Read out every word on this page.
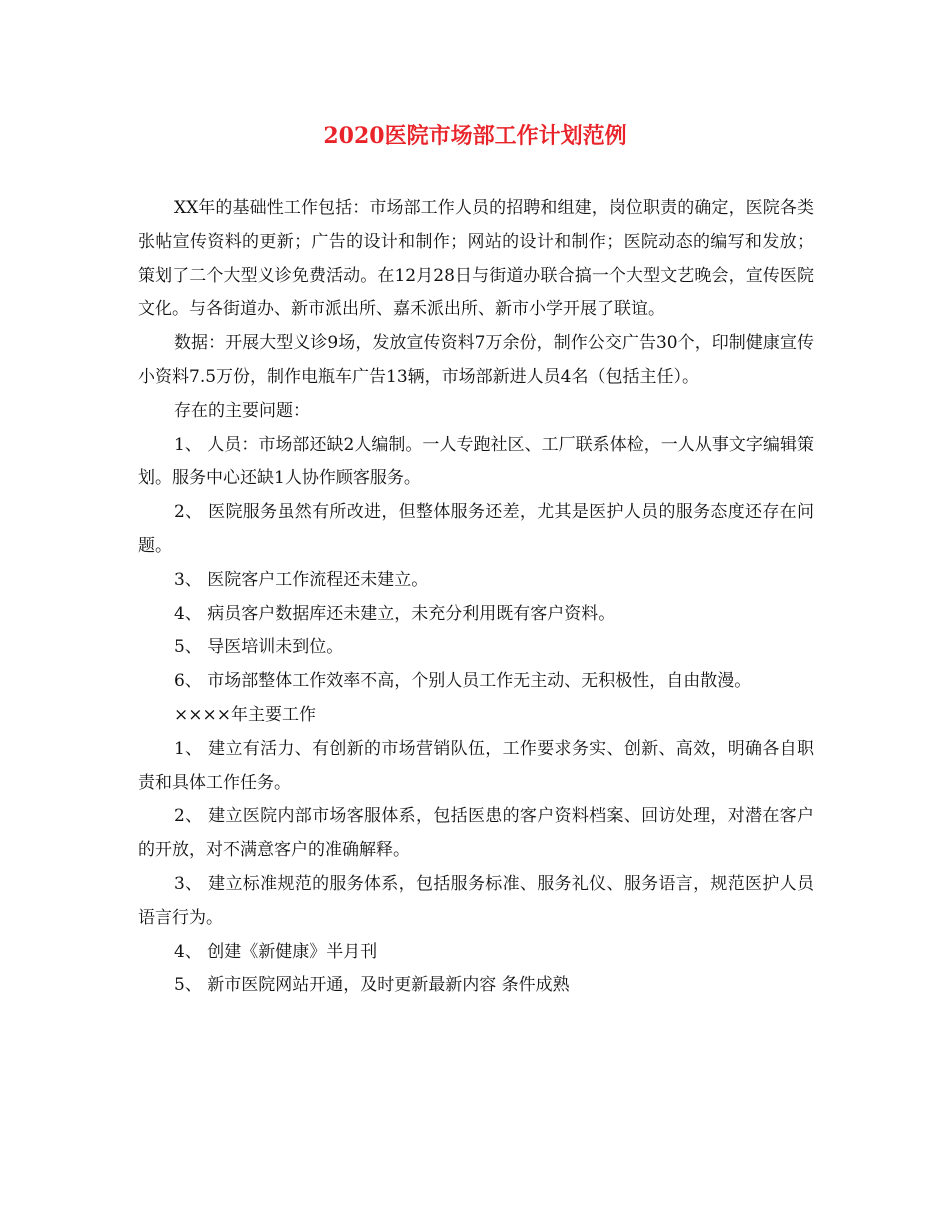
2020医院市场部工作计划范例

XX年的基础性工作包括：市场部工作人员的招聘和组建，岗位职责的确定，医院各类张帖宣传资料的更新；广告的设计和制作；网站的设计和制作；医院动态的编写和发放；策划了二个大型义诊免费活动。在12月28日与街道办联合搞一个大型文艺晚会，宣传医院文化。与各街道办、新市派出所、嘉禾派出所、新市小学开展了联谊。

数据：开展大型义诊9场，发放宣传资料7万余份，制作公交广告30个，印制健康宣传小资料7.5万份，制作电瓶车广告13辆，市场部新进人员4名（包括主任）。

存在的主要问题：

1、 人员：市场部还缺2人编制。一人专跑社区、工厂联系体检，一人从事文字编辑策划。服务中心还缺1人协作顾客服务。

2、 医院服务虽然有所改进，但整体服务还差，尤其是医护人员的服务态度还存在问题。

3、 医院客户工作流程还未建立。

4、 病员客户数据库还未建立，未充分利用既有客户资料。

5、 导医培训未到位。

6、 市场部整体工作效率不高，个别人员工作无主动、无积极性，自由散漫。

××××年主要工作

1、 建立有活力、有创新的市场营销队伍，工作要求务实、创新、高效，明确各自职责和具体工作任务。

2、 建立医院内部市场客服体系，包括医患的客户资料档案、回访处理，对潜在客户的开放，对不满意客户的准确解释。

3、 建立标准规范的服务体系，包括服务标准、服务礼仪、服务语言，规范医护人员语言行为。

4、 创建《新健康》半月刊

5、 新市医院网站开通，及时更新最新内容 条件成熟
